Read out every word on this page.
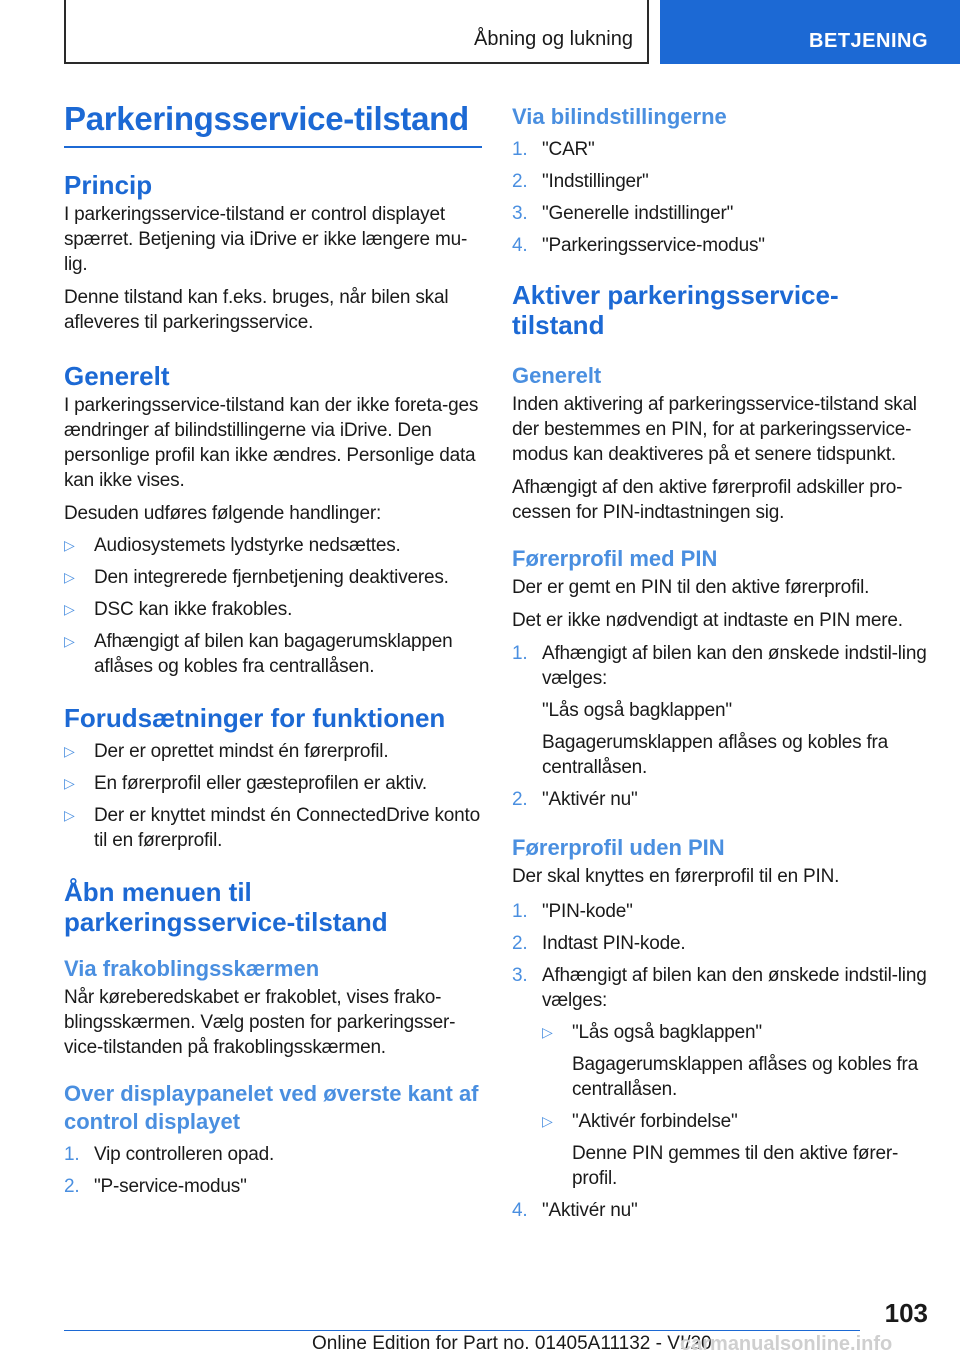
Åbning og lukning	BETJENING
Parkeringsservice-tilstand
Princip

I parkeringsservice-tilstand er control displayet spærret. Betjening via iDrive er ikke længere mu-lig.

Denne tilstand kan f.eks. bruges, når bilen skal afleveres til parkeringsservice.

Generelt

I parkeringsservice-tilstand kan der ikke foreta-ges ændringer af bilindstillingerne via iDrive. Den personlige profil kan ikke ændres. Personlige data kan ikke vises.

Desuden udføres følgende handlinger:

▷	Audiosystemets lydstyrke nedsættes.
▷	Den integrerede fjernbetjening deaktiveres.
▷	DSC kan ikke frakobles.
▷	Afhængigt af bilen kan bagagerumsklappen aflåses og kobles fra centrallåsen.
Forudsætninger for funktionen
▷	Der er oprettet mindst én førerprofil.
▷	En førerprofil eller gæsteprofilen er aktiv.
▷	Der er knyttet mindst én ConnectedDrive konto til en førerprofil.
Åbn menuen til parkeringsservice-tilstand
Via frakoblingsskærmen

Når køreberedskabet er frakoblet, vises frako-blingsskærmen. Vælg posten for parkeringsser-vice-tilstanden på frakoblingsskærmen.

Over displaypanelet ved øverste kant af control displayet
1. Vip controlleren opad.
2. "P-service-modus"
Via bilindstillingerne
1. "CAR"
2. "Indstillinger"
3. "Generelle indstillinger"
4. "Parkeringsservice-modus"
Aktiver parkeringsservice-tilstand
Generelt

Inden aktivering af parkeringsservice-tilstand skal der bestemmes en PIN, for at parkeringsservice-modus kan deaktiveres på et senere tidspunkt.

Afhængigt af den aktive førerprofil adskiller pro-cessen for PIN-indtastningen sig.

Førerprofil med PIN

Der er gemt en PIN til den aktive førerprofil.

Det er ikke nødvendigt at indtaste en PIN mere.

1. Afhængigt af bilen kan den ønskede indstil-ling vælges:
"Lås også bagklappen"
Bagagerumsklappen aflåses og kobles fra centrallåsen.
2. "Aktivér nu"
Førerprofil uden PIN

Der skal knyttes en førerprofil til en PIN.

1. "PIN-kode"
2. Indtast PIN-kode.
3. Afhængigt af bilen kan den ønskede indstil-ling vælges:
▷	"Lås også bagklappen"
Bagagerumsklappen aflåses og kobles fra centrallåsen.
▷	"Aktivér forbindelse"
Denne PIN gemmes til den aktive fører-profil.
4. "Aktivér nu"
103
Online Edition for Part no. 01405A11132 - VI/20
carmanualsonline.info
